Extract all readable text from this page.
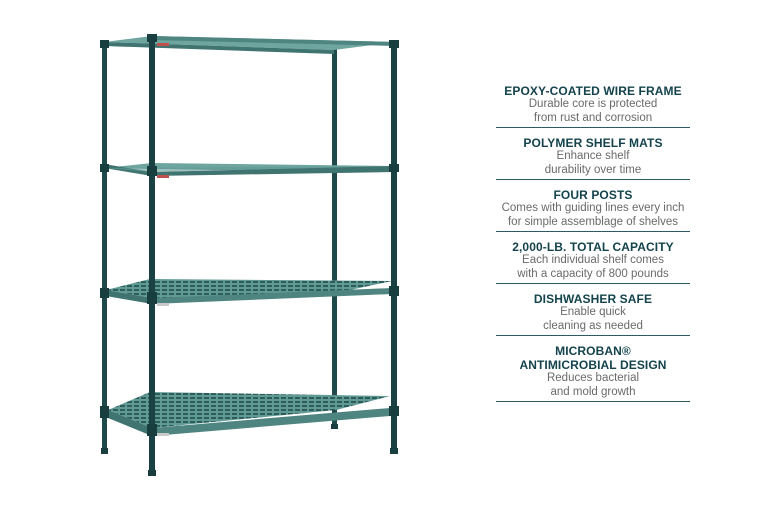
EPOXY-COATED WIRE FRAME
Durable core is protected
from rust and corrosion
POLYMER SHELF MATS
Enhance shelf
durability over time
FOUR POSTS
Comes with guiding lines every inch
for simple assemblage of shelves
2,000-LB. TOTAL CAPACITY
Each individual shelf comes
with a capacity of 800 pounds
DISHWASHER SAFE
Enable quick
cleaning as needed
MICROBAN®
ANTIMICROBIAL DESIGN
Reduces bacterial
and mold growth
